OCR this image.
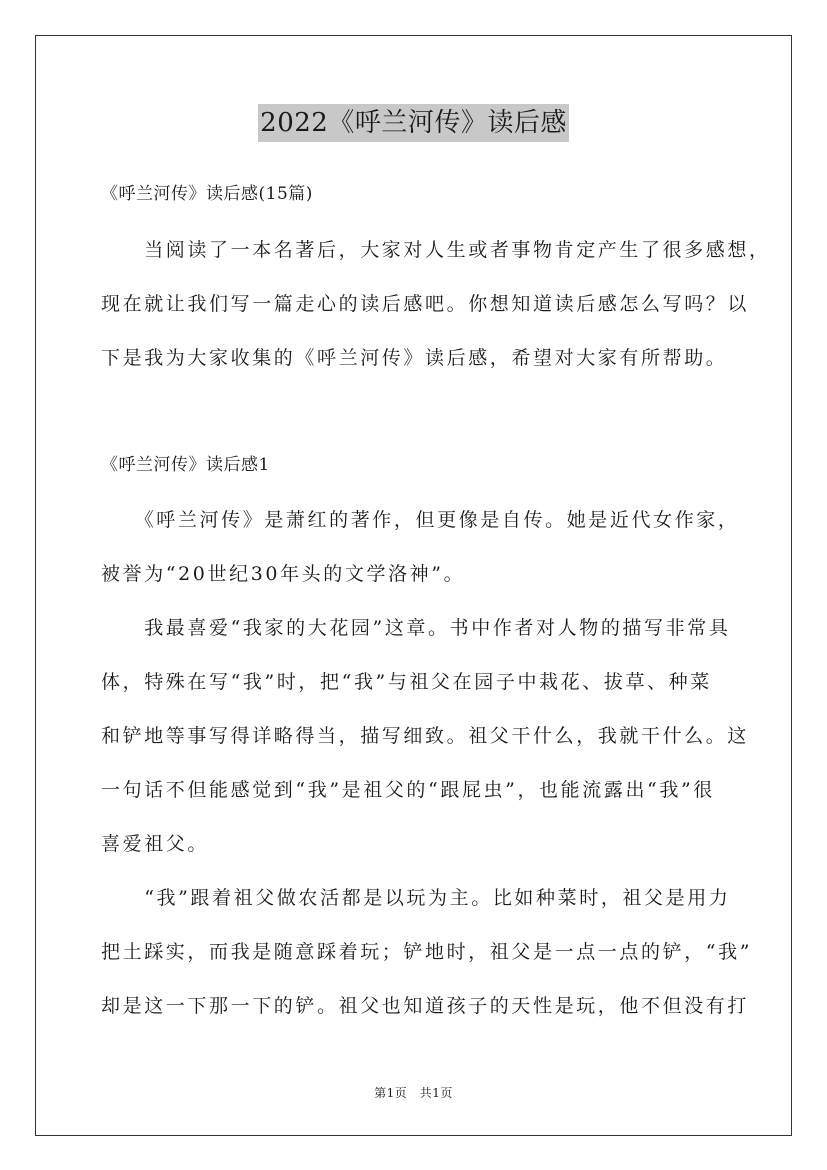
2022《呼兰河传》读后感
《呼兰河传》读后感(15篇)
　　当阅读了一本名著后，大家对人生或者事物肯定产生了很多感想，
现在就让我们写一篇走心的读后感吧。你想知道读后感怎么写吗？以
下是我为大家收集的《呼兰河传》读后感，希望对大家有所帮助。
《呼兰河传》读后感1
　　《呼兰河传》是萧红的著作，但更像是自传。她是近代女作家，
被誉为“20世纪30年头的文学洛神”。
　　我最喜爱“我家的大花园”这章。书中作者对人物的描写非常具
体，特殊在写“我”时，把“我”与祖父在园子中栽花、拔草、种菜
和铲地等事写得详略得当，描写细致。祖父干什么，我就干什么。这
一句话不但能感觉到“我”是祖父的“跟屁虫”，也能流露出“我”很
喜爱祖父。
　　“我”跟着祖父做农活都是以玩为主。比如种菜时，祖父是用力
把土踩实，而我是随意踩着玩；铲地时，祖父是一点一点的铲，“我”
却是这一下那一下的铲。祖父也知道孩子的天性是玩，他不但没有打
第1页　共1页
